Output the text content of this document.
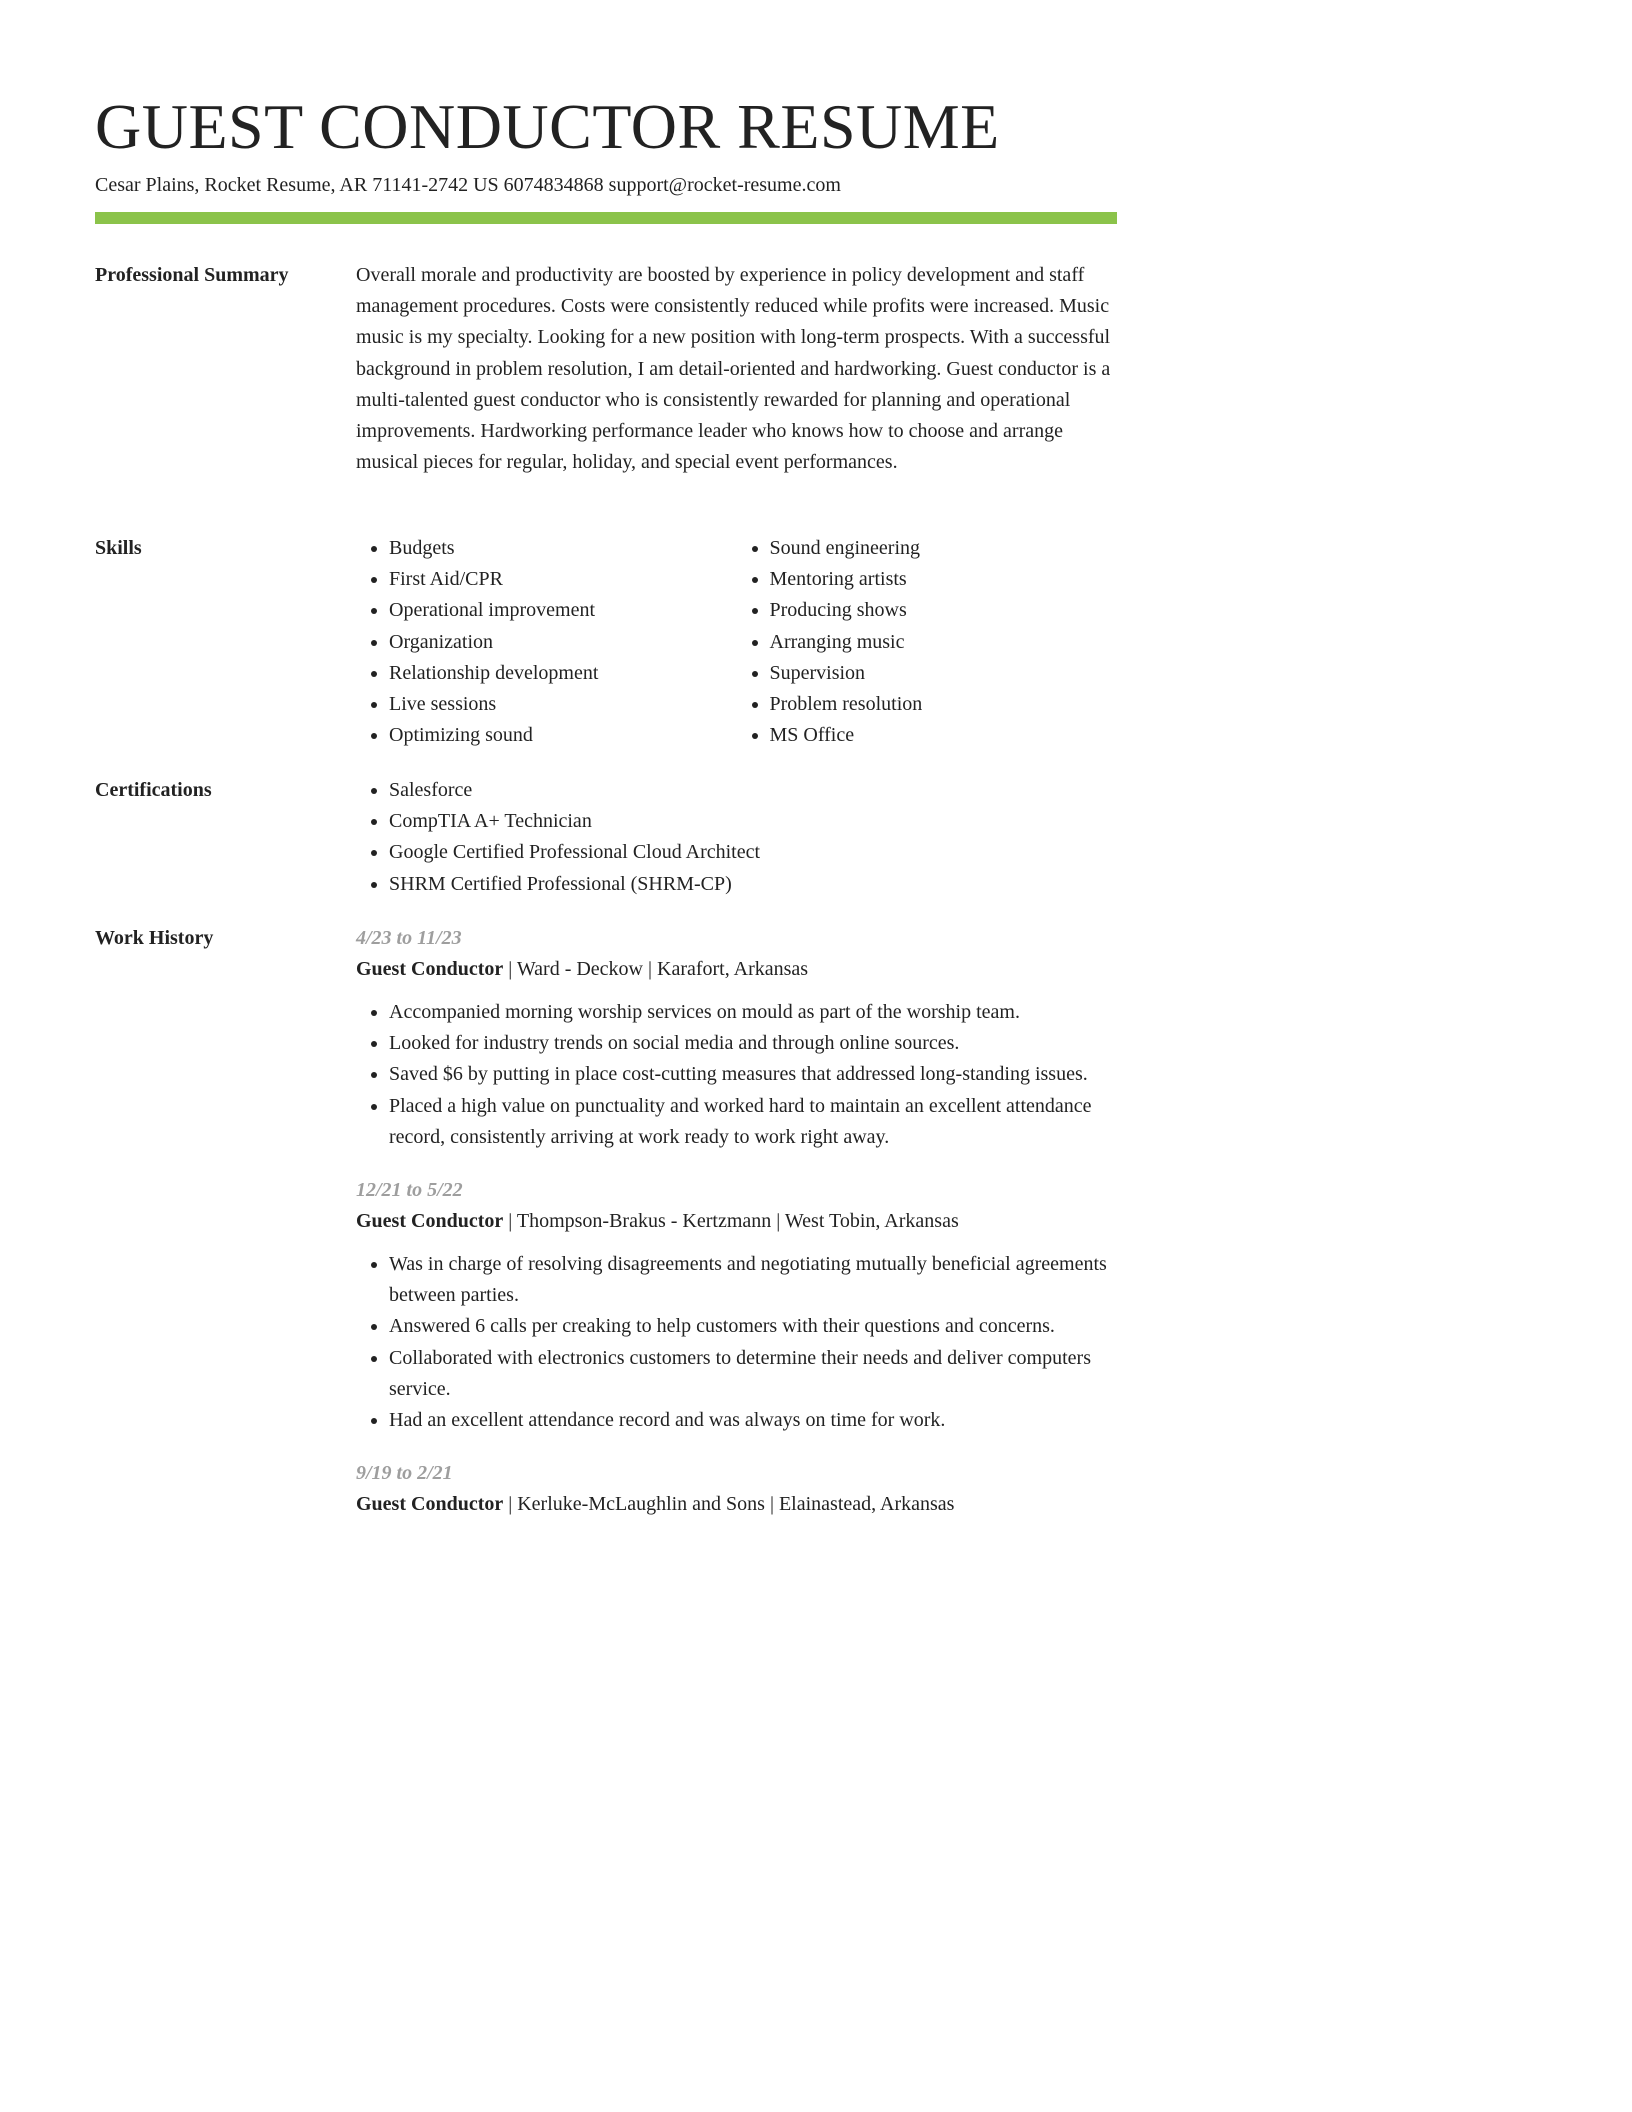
GUEST CONDUCTOR RESUME
Cesar Plains, Rocket Resume, AR 71141-2742 US 6074834868 support@rocket-resume.com
Professional Summary	Overall morale and productivity are boosted by experience in policy development and staff management procedures. Costs were consistently reduced while profits were increased. Music music is my specialty. Looking for a new position with long-term prospects. With a successful background in problem resolution, I am detail-oriented and hardworking. Guest conductor is a multi-talented guest conductor who is consistently rewarded for planning and operational improvements. Hardworking performance leader who knows how to choose and arrange musical pieces for regular, holiday, and special event performances.

Skills	• Budgets
• First Aid/CPR
• Operational improvement
• Organization
• Relationship development
• Live sessions
• Optimizing sound
• Sound engineering
• Mentoring artists
• Producing shows
• Arranging music
• Supervision
• Problem resolution
• MS Office
Certifications	• Salesforce
• CompTIA A+ Technician
• Google Certified Professional Cloud Architect
• SHRM Certified Professional (SHRM-CP)
Work History	4/23 to 11/23
Guest Conductor | Ward - Deckow | Karafort, Arkansas
• Accompanied morning worship services on mould as part of the worship team.
• Looked for industry trends on social media and through online sources.
• Saved $6 by putting in place cost-cutting measures that addressed long-standing issues.
• Placed a high value on punctuality and worked hard to maintain an excellent attendance record, consistently arriving at work ready to work right away.
12/21 to 5/22
Guest Conductor | Thompson-Brakus - Kertzmann | West Tobin, Arkansas
• Was in charge of resolving disagreements and negotiating mutually beneficial agreements between parties.
• Answered 6 calls per creaking to help customers with their questions and concerns.
• Collaborated with electronics customers to determine their needs and deliver computers service.
• Had an excellent attendance record and was always on time for work.
9/19 to 2/21
Guest Conductor | Kerluke-McLaughlin and Sons | Elainastead, Arkansas
